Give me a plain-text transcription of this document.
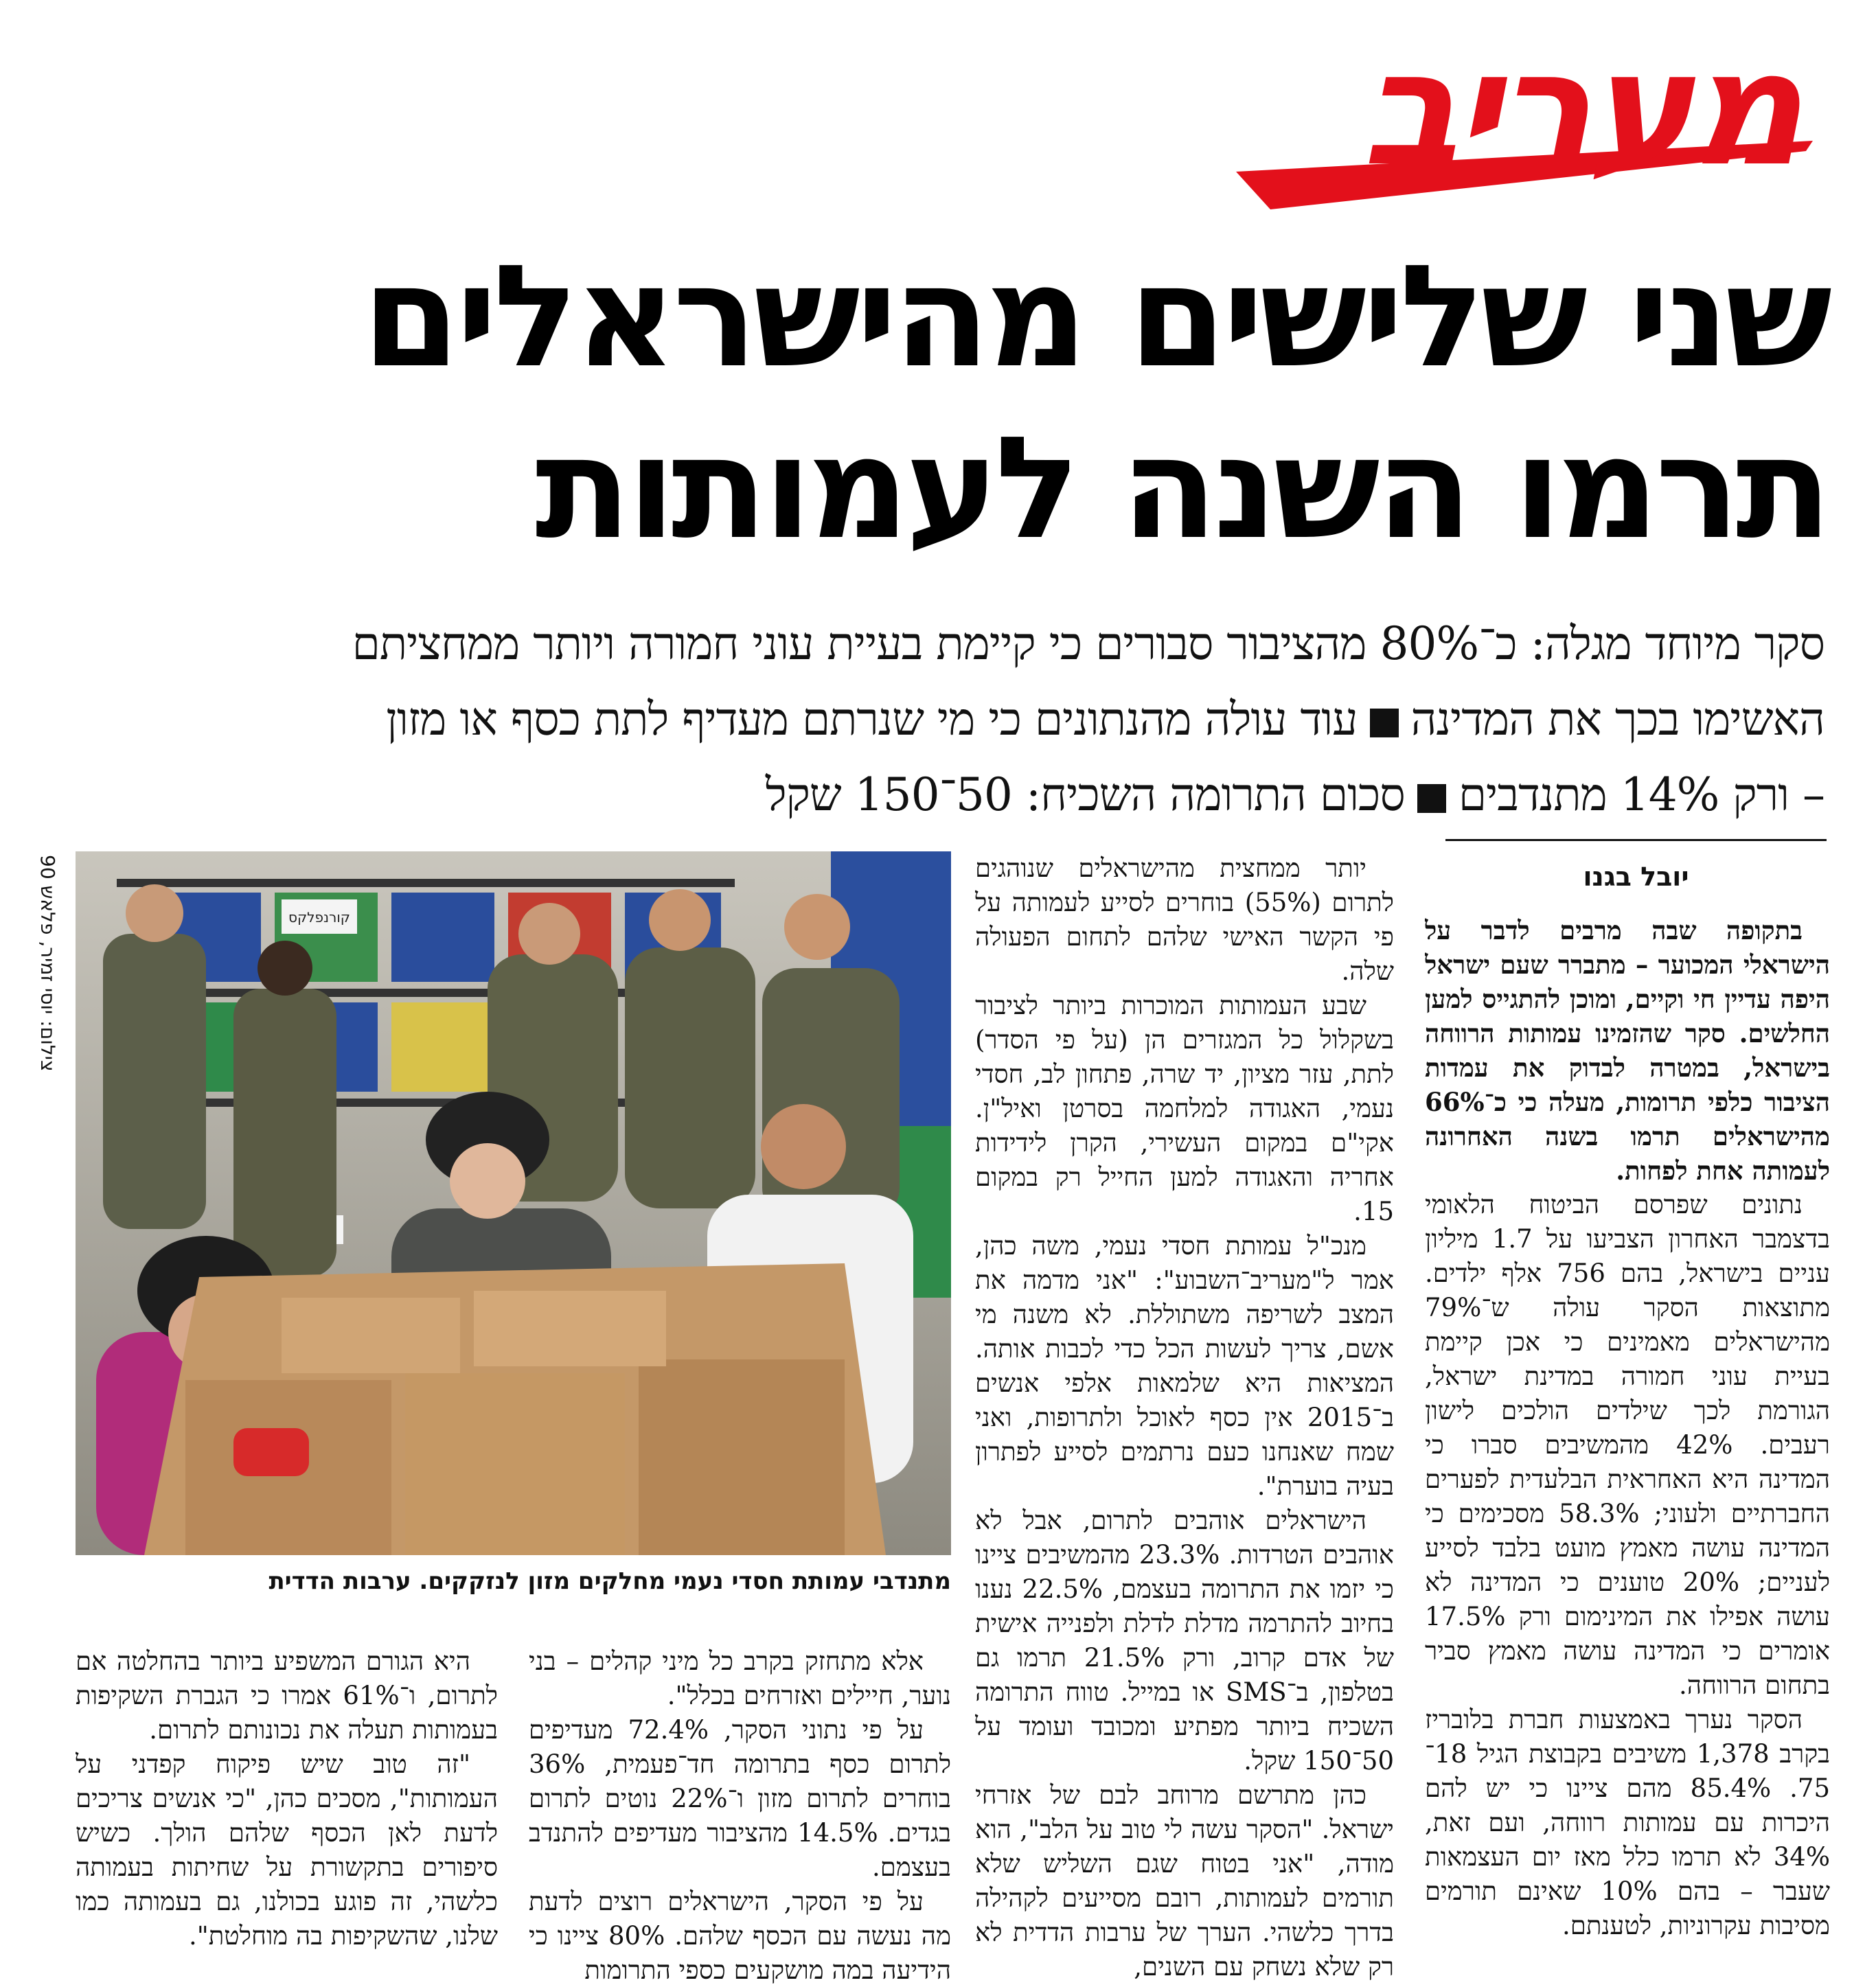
מעריב
שני שלישים מהישראלים
תרמו השנה לעמותות
סקר מיוחד מגלה: כ־80% מהציבור סבורים כי קיימת בעיית עוני חמורה ויותר ממחציתם
האשימו בכך את המדינהעוד עולה מהנתונים כי מי שנרתם מעדיף לתת כסף או מזון
– ורק 14% מתנדביםסכום התרומה השכיח: 50־150 שקל
יובל בגנו

בתקופה שבה מרבים לדבר על הישראלי המכוער – מתברר שעם ישראל היפה עדיין חי וקיים, ומוכן להתגייס למען החלשים. סקר שהזמינו עמותות הרווחה בישראל, במטרה לבדוק את עמדות הציבור כלפי תרומות, מעלה כי כ־66% מהישראלים תרמו בשנה האחרונה לעמותה אחת לפחות.

נתונים שפרסם הביטוח הלאומי בדצמבר האחרון הצביעו על 1.7 מיליון עניים בישראל, בהם 756 אלף ילדים. מתוצאות הסקר עולה ש־79% מהישראלים מאמינים כי אכן קיימת בעיית עוני חמורה במדינת ישראל, הגורמת לכך שילדים הולכים לישון רעבים. 42% מהמשיבים סברו כי המדינה היא האחראית הבלעדית לפערים החברתיים ולעוני; 58.3% מסכימים כי המדינה עושה מאמץ מועט בלבד לסייע לעניים; 20% טוענים כי המדינה לא עושה אפילו את המינימום ורק 17.5% אומרים כי המדינה עושה מאמץ סביר בתחום הרווחה.

הסקר נערך באמצעות חברת בלובריז בקרב 1,378 משיבים בקבוצת הגיל 18־75. 85.4% מהם ציינו כי יש להם היכרות עם עמותות רווחה, ועם זאת, 34% לא תרמו כלל מאז יום העצמאות שעבר – בהם 10% שאינם תורמים מסיבות עקרוניות, לטענתם.

יותר ממחצית מהישראלים שנוהגים לתרום (55%) בוחרים לסייע לעמותה על פי הקשר האישי שלהם לתחום הפעולה שלה.

שבע העמותות המוכרות ביותר לציבור בשקלול כל המגזרים הן (על פי הסדר) לתת, עזר מציון, יד שרה, פתחון לב, חסדי נעמי, האגודה למלחמה בסרטן ואיל"ן. אקי"ם במקום העשירי, הקרן לידידות אחריה והאגודה למען החייל רק במקום 15.

מנכ"ל עמותת חסדי נעמי, משה כהן, אמר ל"מעריב־השבוע": "אני מדמה את המצב לשריפה משתוללת. לא משנה מי אשם, צריך לעשות הכל כדי לכבות אותה. המציאות היא שלמאות אלפי אנשים ב־2015 אין כסף לאוכל ולתרופות, ואני שמח שאנחנו כעם נרתמים לסייע לפתרון בעיה בוערת".

הישראלים אוהבים לתרום, אבל לא אוהבים הטרדות. 23.3% מהמשיבים ציינו כי יזמו את התרומה בעצמם, 22.5% נענו בחיוב להתרמה מדלת לדלת ולפנייה אישית של אדם קרוב, ורק 21.5% תרמו גם בטלפון, ב־SMS או במייל. טווח התרומה השכיח ביותר מפתיע ומכובד ועומד על 50־150 שקל.

כהן מתרשם מרוחב לבם של אזרחי ישראל. "הסקר עשה לי טוב על הלב", הוא מודה, "אני בטוח שגם השליש שלא תורמים לעמותות, רובם מסייעים לקהילה בדרך כלשהי. הערך של ערבות הדדית לא רק שלא נשחק עם השנים,

קורנפלקס
צילום: יוסי זמיר, פלאש 90
מתנדבי עמותת חסדי נעמי מחלקים מזון לנזקקים. ערבות הדדית

אלא מתחזק בקרב כל מיני קהלים – בני נוער, חיילים ואזרחים בכלל".

על פי נתוני הסקר, 72.4% מעדיפים לתרום כסף בתרומה חד־פעמית, 36% בוחרים לתרום מזון ו־22% נוטים לתרום בגדים. 14.5% מהציבור מעדיפים להתנדב בעצמם.

על פי הסקר, הישראלים רוצים לדעת מה נעשה עם הכסף שלהם. 80% ציינו כי הידיעה במה מושקעים כספי התרומות

היא הגורם המשפיע ביותר בהחלטה אם לתרום, ו־61% אמרו כי הגברת השקיפות בעמותות תעלה את נכונותם לתרום.

"זה טוב שיש פיקוח קפדני על העמותות", מסכים כהן, "כי אנשים צריכים לדעת לאן הכסף שלהם הולך. כשיש סיפורים בתקשורת על שחיתות בעמותה כלשהי, זה פוגע בכולנו, גם בעמותה כמו שלנו, שהשקיפות בה מוחלטת".
